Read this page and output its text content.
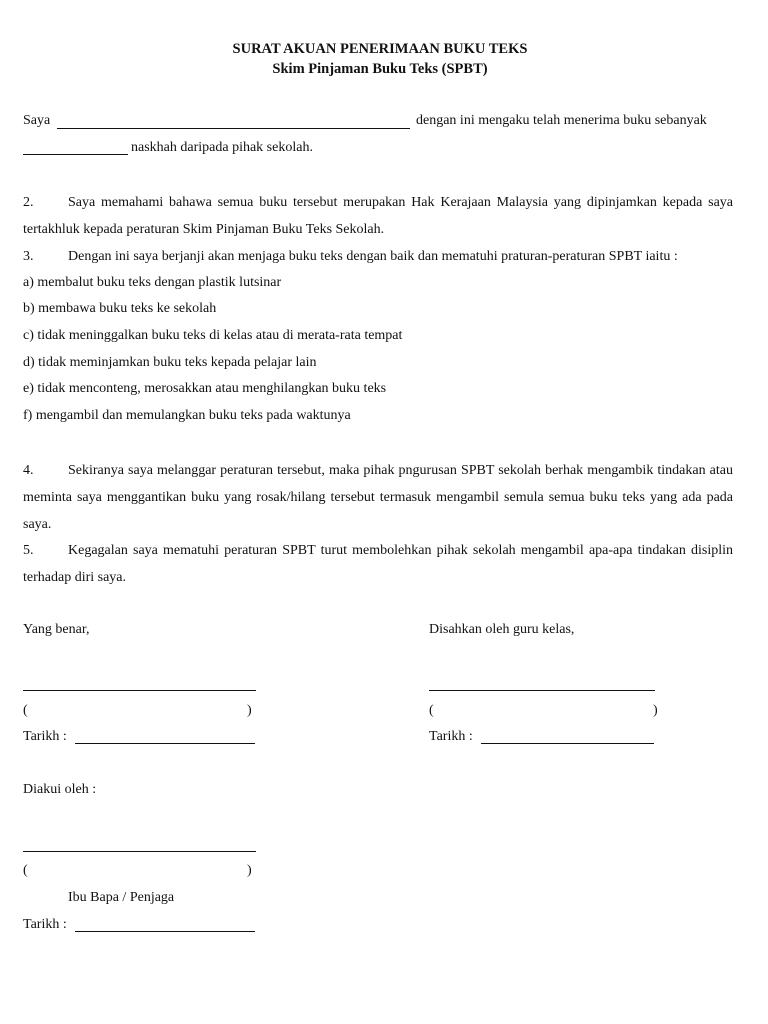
SURAT AKUAN PENERIMAAN BUKU TEKS
Skim Pinjaman Buku Teks (SPBT)
Saya	dengan ini mengaku telah menerima buku sebanyak
naskhah daripada pihak sekolah.
2. Saya memahami bahawa semua buku tersebut merupakan Hak Kerajaan Malaysia yang dipinjamkan kepada saya tertakhluk kepada peraturan Skim Pinjaman Buku Teks Sekolah.
3. Dengan ini saya berjanji akan menjaga buku teks dengan baik dan mematuhi praturan-peraturan SPBT iaitu :
a) membalut buku teks dengan plastik lutsinar
b) membawa buku teks ke sekolah
c) tidak meninggalkan buku teks di kelas atau di merata-rata tempat
d) tidak meminjamkan buku teks kepada pelajar lain
e) tidak menconteng, merosakkan atau menghilangkan buku teks
f) mengambil dan memulangkan buku teks pada waktunya
4. Sekiranya saya melanggar peraturan tersebut, maka pihak pngurusan SPBT sekolah berhak mengambik tindakan atau meminta saya menggantikan buku yang rosak/hilang tersebut termasuk mengambil semula semua buku teks yang ada pada saya.
5. Kegagalan saya mematuhi peraturan SPBT turut membolehkan pihak sekolah mengambil apa-apa tindakan disiplin terhadap diri saya.
Yang benar,
(	)
Tarikh :
Disahkan oleh guru kelas,
(	)
Tarikh :
Diakui oleh :
(	)
Ibu Bapa / Penjaga
Tarikh :
